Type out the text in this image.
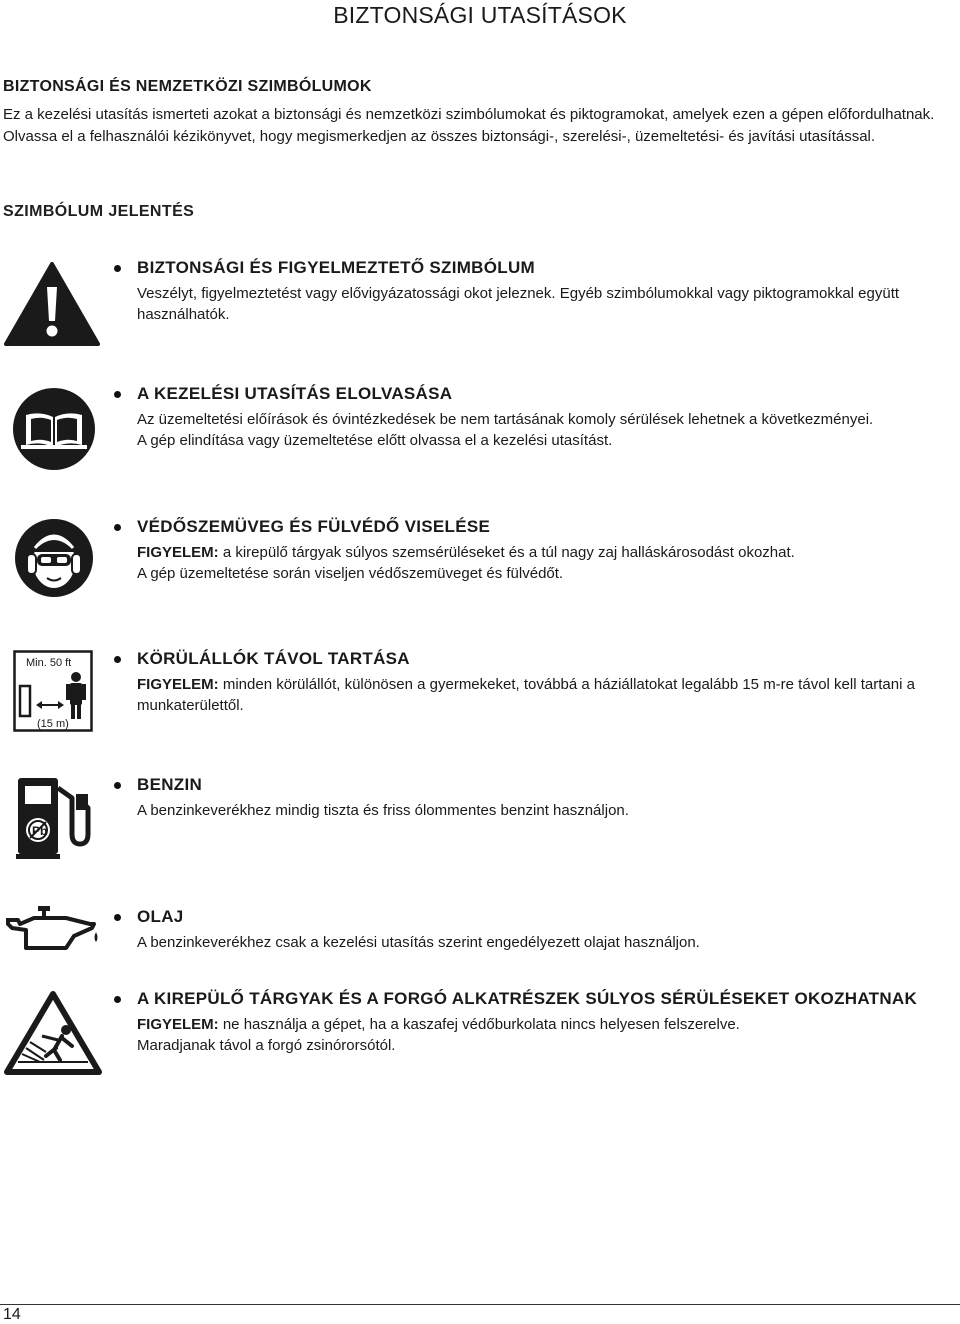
BIZTONSÁGI UTASÍTÁSOK
BIZTONSÁGI ÉS NEMZETKÖZI SZIMBÓLUMOK
Ez a kezelési utasítás ismerteti azokat a biztonsági és nemzetközi szimbólumokat és piktogramokat, amelyek ezen a gépen előfordulhatnak. Olvassa el a felhasználói kézikönyvet, hogy megismerkedjen az összes biztonsági-, szerelési-, üzemeltetési- és javítási utasítással.
SZIMBÓLUM JELENTÉS
BIZTONSÁGI ÉS FIGYELMEZTETŐ SZIMBÓLUM
Veszélyt, figyelmeztetést vagy elővigyázatossági okot jeleznek. Egyéb szimbólumokkal vagy piktogramokkal együtt használhatók.
A KEZELÉSI UTASÍTÁS ELOLVASÁSA
Az üzemeltetési előírások és óvintézkedések be nem tartásának komoly sérülések lehetnek a következményei.
A gép elindítása vagy üzemeltetése előtt olvassa el a kezelési utasítást.
VÉDŐSZEMÜVEG ÉS FÜLVÉDŐ VISELÉSE
FIGYELEM: a kirepülő tárgyak súlyos szemsérüléseket és a túl nagy zaj halláskárosodást okozhat.
A gép üzemeltetése során viseljen védőszemüveget és fülvédőt.
Min. 50 ft
(15 m)
KÖRÜLÁLLÓK TÁVOL TARTÁSA
FIGYELEM: minden körülállót, különösen a gyermekeket, továbbá a háziállatokat legalább 15 m-re távol kell tartani a munkaterülettől.
Pb
BENZIN
A benzinkeverékhez mindig tiszta és friss ólommentes benzint használjon.
OLAJ
A benzinkeverékhez csak a kezelési utasítás szerint engedélyezett olajat használjon.
A KIREPÜLŐ TÁRGYAK ÉS A FORGÓ ALKATRÉSZEK SÚLYOS SÉRÜLÉSEKET OKOZHATNAK
FIGYELEM: ne használja a gépet, ha a kaszafej védőburkolata nincs helyesen felszerelve.
Maradjanak távol a forgó zsinórorsótól.
14
